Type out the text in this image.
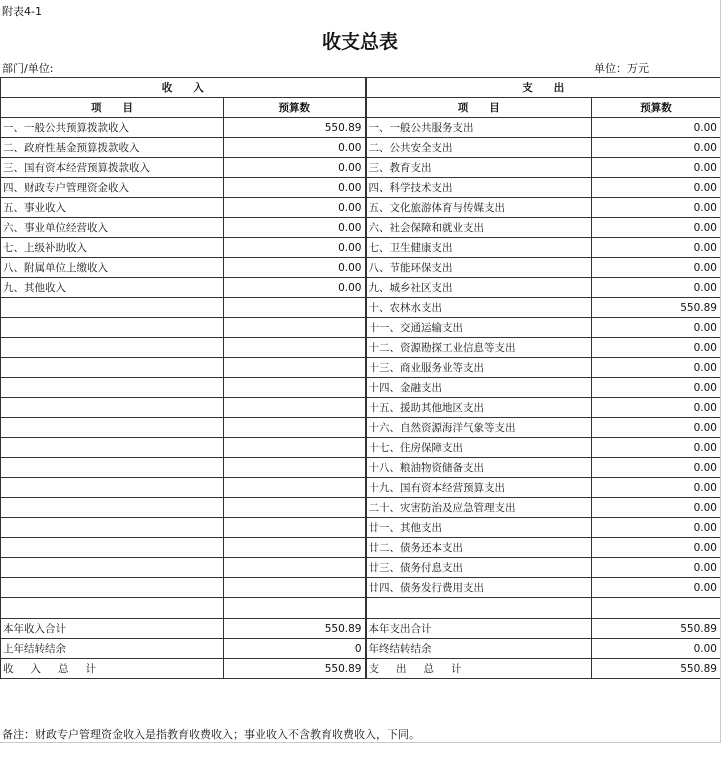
附表4-1
收支总表
部门/单位:	单位：万元
收　　入		支　　出	
项　　目	预算数	项　　目	预算数
一、一般公共预算拨款收入	550.89	一、一般公共服务支出	0.00
二、政府性基金预算拨款收入	0.00	二、公共安全支出	0.00
三、国有资本经营预算拨款收入	0.00	三、教育支出	0.00
四、财政专户管理资金收入	0.00	四、科学技术支出	0.00
五、事业收入	0.00	五、文化旅游体育与传媒支出	0.00
六、事业单位经营收入	0.00	六、社会保障和就业支出	0.00
七、上级补助收入	0.00	七、卫生健康支出	0.00
八、附属单位上缴收入	0.00	八、节能环保支出	0.00
九、其他收入	0.00	九、城乡社区支出	0.00
		十、农林水支出	550.89
		十一、交通运输支出	0.00
		十二、资源勘探工业信息等支出	0.00
		十三、商业服务业等支出	0.00
		十四、金融支出	0.00
		十五、援助其他地区支出	0.00
		十六、自然资源海洋气象等支出	0.00
		十七、住房保障支出	0.00
		十八、粮油物资储备支出	0.00
		十九、国有资本经营预算支出	0.00
		二十、灾害防治及应急管理支出	0.00
		廿一、其他支出	0.00
		廿二、债务还本支出	0.00
		廿三、债务付息支出	0.00
		廿四、债务发行费用支出	0.00

本年收入合计	550.89	本年支出合计	550.89
上年结转结余	0	年终结转结余	0.00
收入总计	550.89	支出总计	550.89
备注：财政专户管理资金收入是指教育收费收入；事业收入不含教育收费收入，下同。
